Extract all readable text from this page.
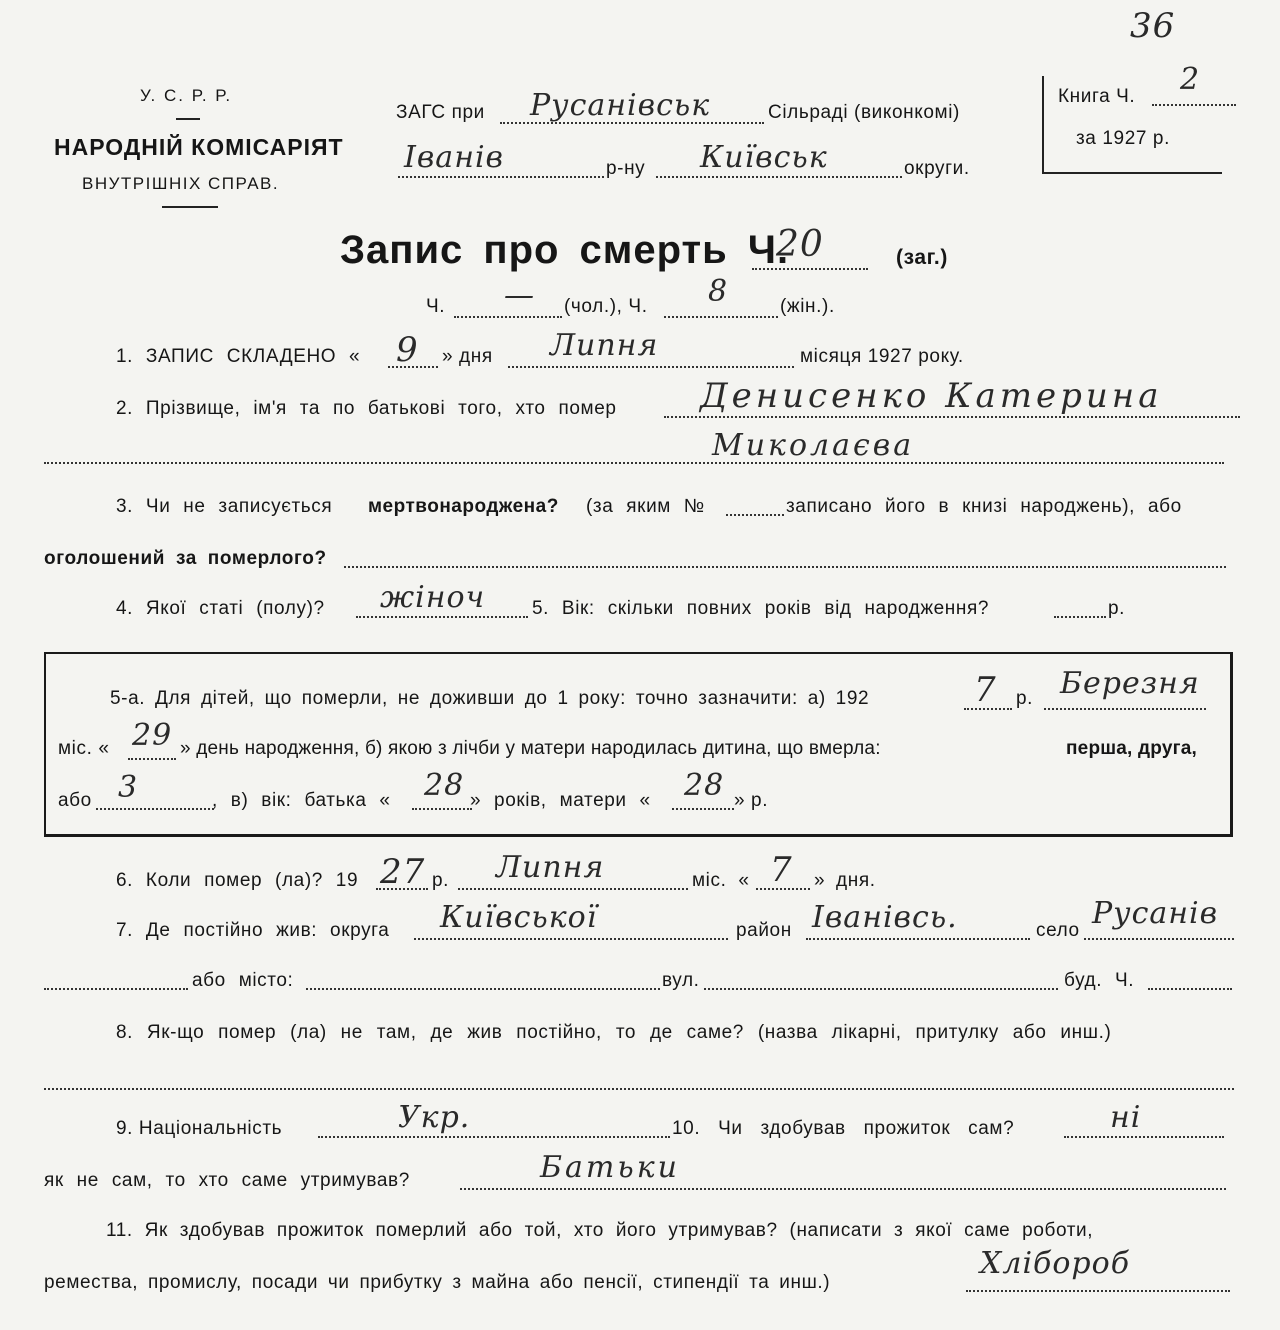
У. С. Р. Р.
НАРОДНІЙ КОМІСАРІЯТ
ВНУТРІШНІХ СПРАВ.
ЗАГС при Русанівськ	Сільраді (виконкомі)
Іванів	р-ну Київськ	округи.
Книга Ч. 2
за 1927 р.
36
Запис про смерть Ч.
20	(заг.)
Ч. — (чол.), Ч. 8	(жін.).
1. ЗАПИС СКЛАДЕНО « 9 » дня Липня	місяця 1927 року.
2. Прізвище, ім'я та по батькові того, хто помер Денисенко Катерина
Миколаєва
3. Чи не записується мертвонароджена? (за яким №	записано його в книзі народжень), або
оголошений за померлого?
4. Якої статі (полу)? жіноч 5. Вік: скільки повних років від народження?	р.
5-а. Для дітей, що померли, не доживши до 1 року: точно зазначити: а) 192	7 р. Березня
міс. « 29 » день народження, б) якою з лічби у матери народилась дитина, що вмерла:	перша, друга,
або 3	, в) вік: батька « 28 » років, матери « 28 » р.
6. Коли помер (ла)? 19 27 р. Липня	міс. « 7 » дня.
7. Де постійно жив: округа Київської	район Іванівсь.	село Русанів
або місто:	вул.	буд. Ч.
8. Як-що помер (ла) не там, де жив постійно, то де саме? (назва лікарні, притулку або инш.)
9. Національність	Укр.	10. Чи здобував прожиток сам?	ні
як не сам, то хто саме утримував?	Батьки
11. Як здобував прожиток померлий або той, хто його утримував? (написати з якої саме роботи,
ремества, промислу, посади чи прибутку з майна або пенсії, стипендії та инш.)
Хлібороб
